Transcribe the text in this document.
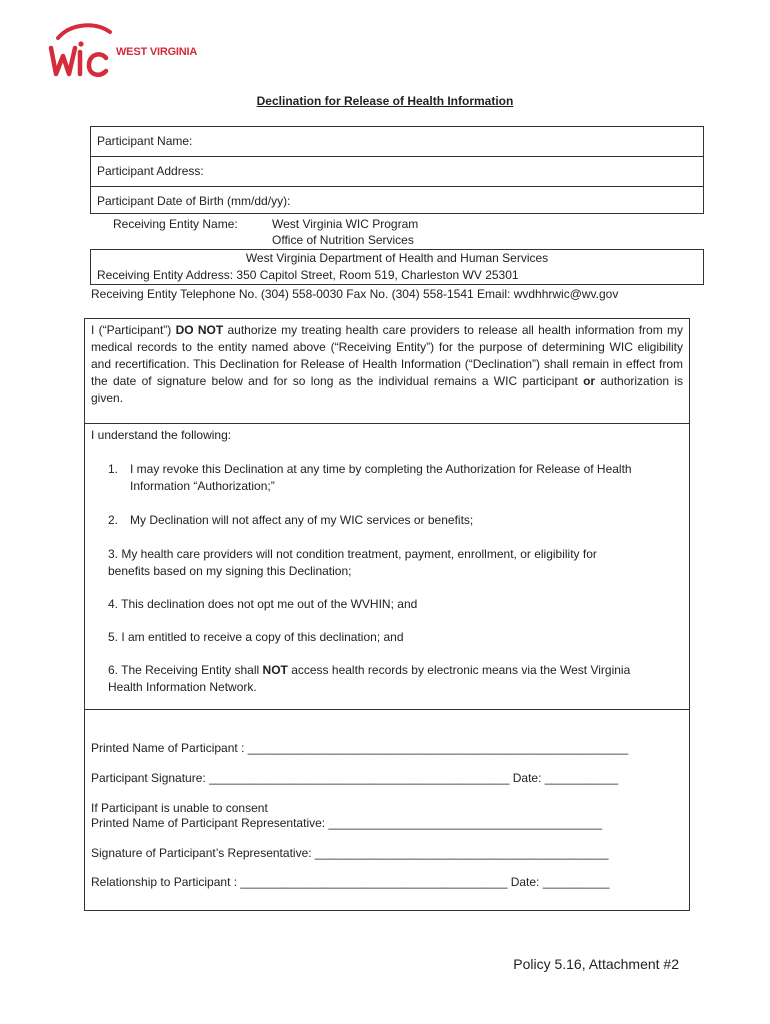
WEST VIRGINIA
Declination for Release of Health Information
Participant Name:
Participant Address:
Participant Date of Birth (mm/dd/yy):
Receiving Entity Name:	West Virginia WIC Program
Office of Nutrition Services
West Virginia Department of Health and Human Services
Receiving Entity Address: 350 Capitol Street, Room 519, Charleston WV 25301
Receiving Entity Telephone No. (304) 558-0030 Fax No. (304) 558-1541 Email: wvdhhrwic@wv.gov
I (“Participant”) DO NOT authorize my treating health care providers to release all health information from my medical records to the entity named above (“Receiving Entity”) for the purpose of determining WIC eligibility and recertification. This Declination for Release of Health Information (“Declination”) shall remain in effect from the date of signature below and for so long as the individual remains a WIC participant or authorization is given.
I understand the following:
1. I may revoke this Declination at any time by completing the Authorization for Release of Health
Information “Authorization;”
2. My Declination will not affect any of my WIC services or benefits;
3. My health care providers will not condition treatment, payment, enrollment, or eligibility for
benefits based on my signing this Declination;
4. This declination does not opt me out of the WVHIN; and
5. I am entitled to receive a copy of this declination; and
6. The Receiving Entity shall NOT access health records by electronic means via the West Virginia
Health Information Network.
Printed Name of Participant : _________________________________________________________
Participant Signature: _____________________________________________ Date: ___________
If Participant is unable to consent
Printed Name of Participant Representative: _________________________________________
Signature of Participant’s Representative: ____________________________________________
Relationship to Participant : ________________________________________ Date: __________
Policy 5.16, Attachment #2
